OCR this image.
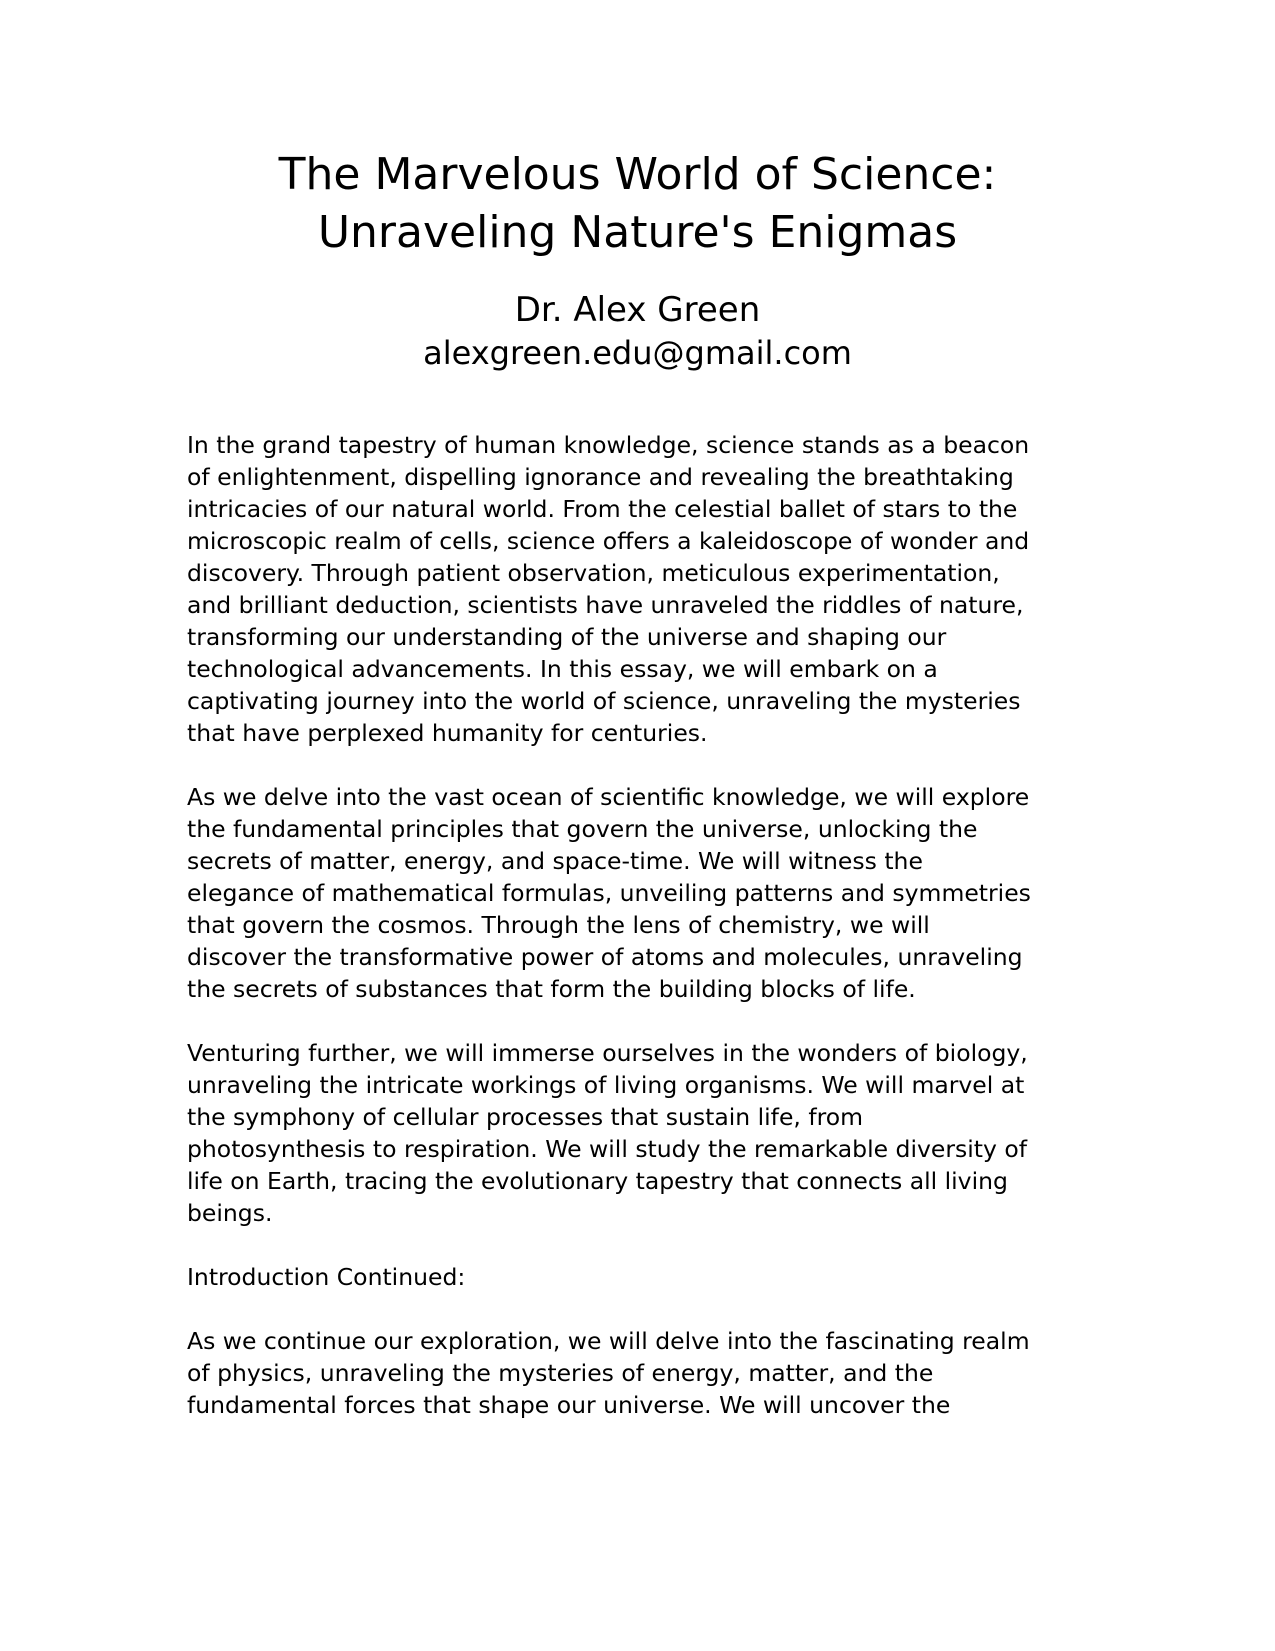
The Marvelous World of Science:
Unraveling Nature's Enigmas
Dr. Alex Green
alexgreen.edu@gmail.com
In the grand tapestry of human knowledge, science stands as a beacon
of enlightenment, dispelling ignorance and revealing the breathtaking
intricacies of our natural world. From the celestial ballet of stars to the
microscopic realm of cells, science offers a kaleidoscope of wonder and
discovery. Through patient observation, meticulous experimentation,
and brilliant deduction, scientists have unraveled the riddles of nature,
transforming our understanding of the universe and shaping our
technological advancements. In this essay, we will embark on a
captivating journey into the world of science, unraveling the mysteries
that have perplexed humanity for centuries.
As we delve into the vast ocean of scientific knowledge, we will explore
the fundamental principles that govern the universe, unlocking the
secrets of matter, energy, and space-time. We will witness the
elegance of mathematical formulas, unveiling patterns and symmetries
that govern the cosmos. Through the lens of chemistry, we will
discover the transformative power of atoms and molecules, unraveling
the secrets of substances that form the building blocks of life.
Venturing further, we will immerse ourselves in the wonders of biology,
unraveling the intricate workings of living organisms. We will marvel at
the symphony of cellular processes that sustain life, from
photosynthesis to respiration. We will study the remarkable diversity of
life on Earth, tracing the evolutionary tapestry that connects all living
beings.
Introduction Continued:
As we continue our exploration, we will delve into the fascinating realm
of physics, unraveling the mysteries of energy, matter, and the
fundamental forces that shape our universe. We will uncover the
